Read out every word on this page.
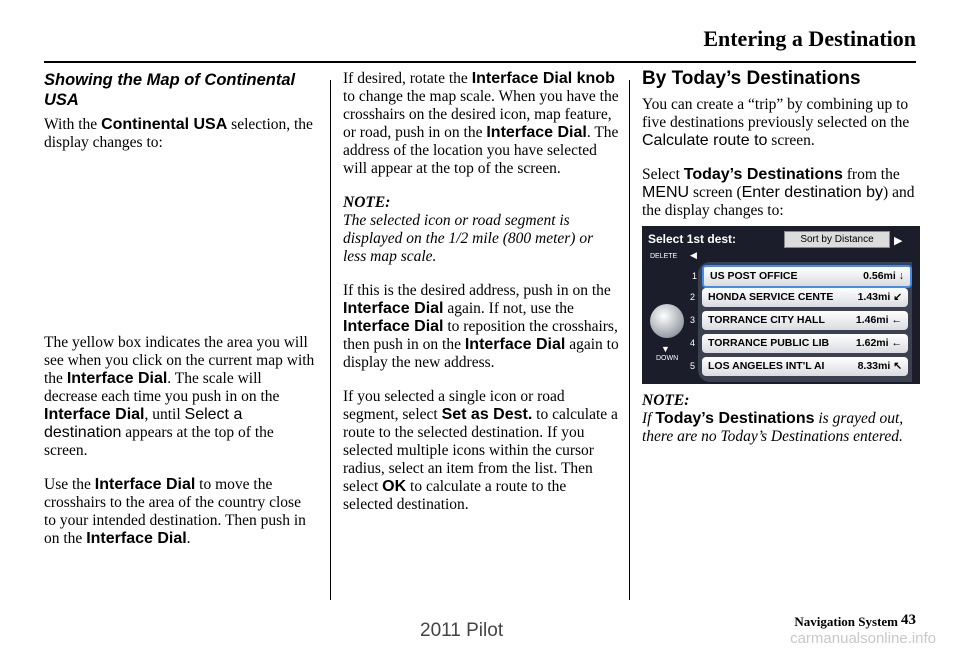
Entering a Destination
Showing the Map of Continental USA

With the Continental USA selection, the display changes to:

The yellow box indicates the area you will see when you click on the current map with the Interface Dial. The scale will decrease each time you push in on the Interface Dial, until Select a destination appears at the top of the screen.

Use the Interface Dial to move the crosshairs to the area of the country close to your intended destination. Then push in on the Interface Dial.

If desired, rotate the Interface Dial knob to change the map scale. When you have the crosshairs on the desired icon, map feature, or road, push in on the Interface Dial. The address of the location you have selected will appear at the top of the screen.

NOTE:
The selected icon or road segment is displayed on the 1/2 mile (800 meter) or less map scale.

If this is the desired address, push in on the Interface Dial again. If not, use the Interface Dial to reposition the crosshairs, then push in on the Interface Dial again to display the new address.

If you selected a single icon or road segment, select Set as Dest. to calculate a route to the selected destination. If you selected multiple icons within the cursor radius, select an item from the list. Then select OK to calculate a route to the selected destination.

By Today’s Destinations

You can create a “trip” by combining up to five destinations previously selected on the Calculate route to screen.

Select Today’s Destinations from the MENU screen (Enter destination by) and the display changes to:

Select 1st dest:	Sort by Distance	▶
DELETE ◀
▼
DOWN
1 US POST OFFICE	0.56mi ↓
2 HONDA SERVICE CENTE 1.43mi ↙
3 TORRANCE CITY HALL	1.46mi ←
4 TORRANCE PUBLIC LIB	1.62mi ←
5 LOS ANGELES INT'L AI	8.33mi ↖

NOTE:
If Today’s Destinations is grayed out, there are no Today’s Destinations entered.

Navigation System 43
2011 Pilot	carmanualsonline.info
